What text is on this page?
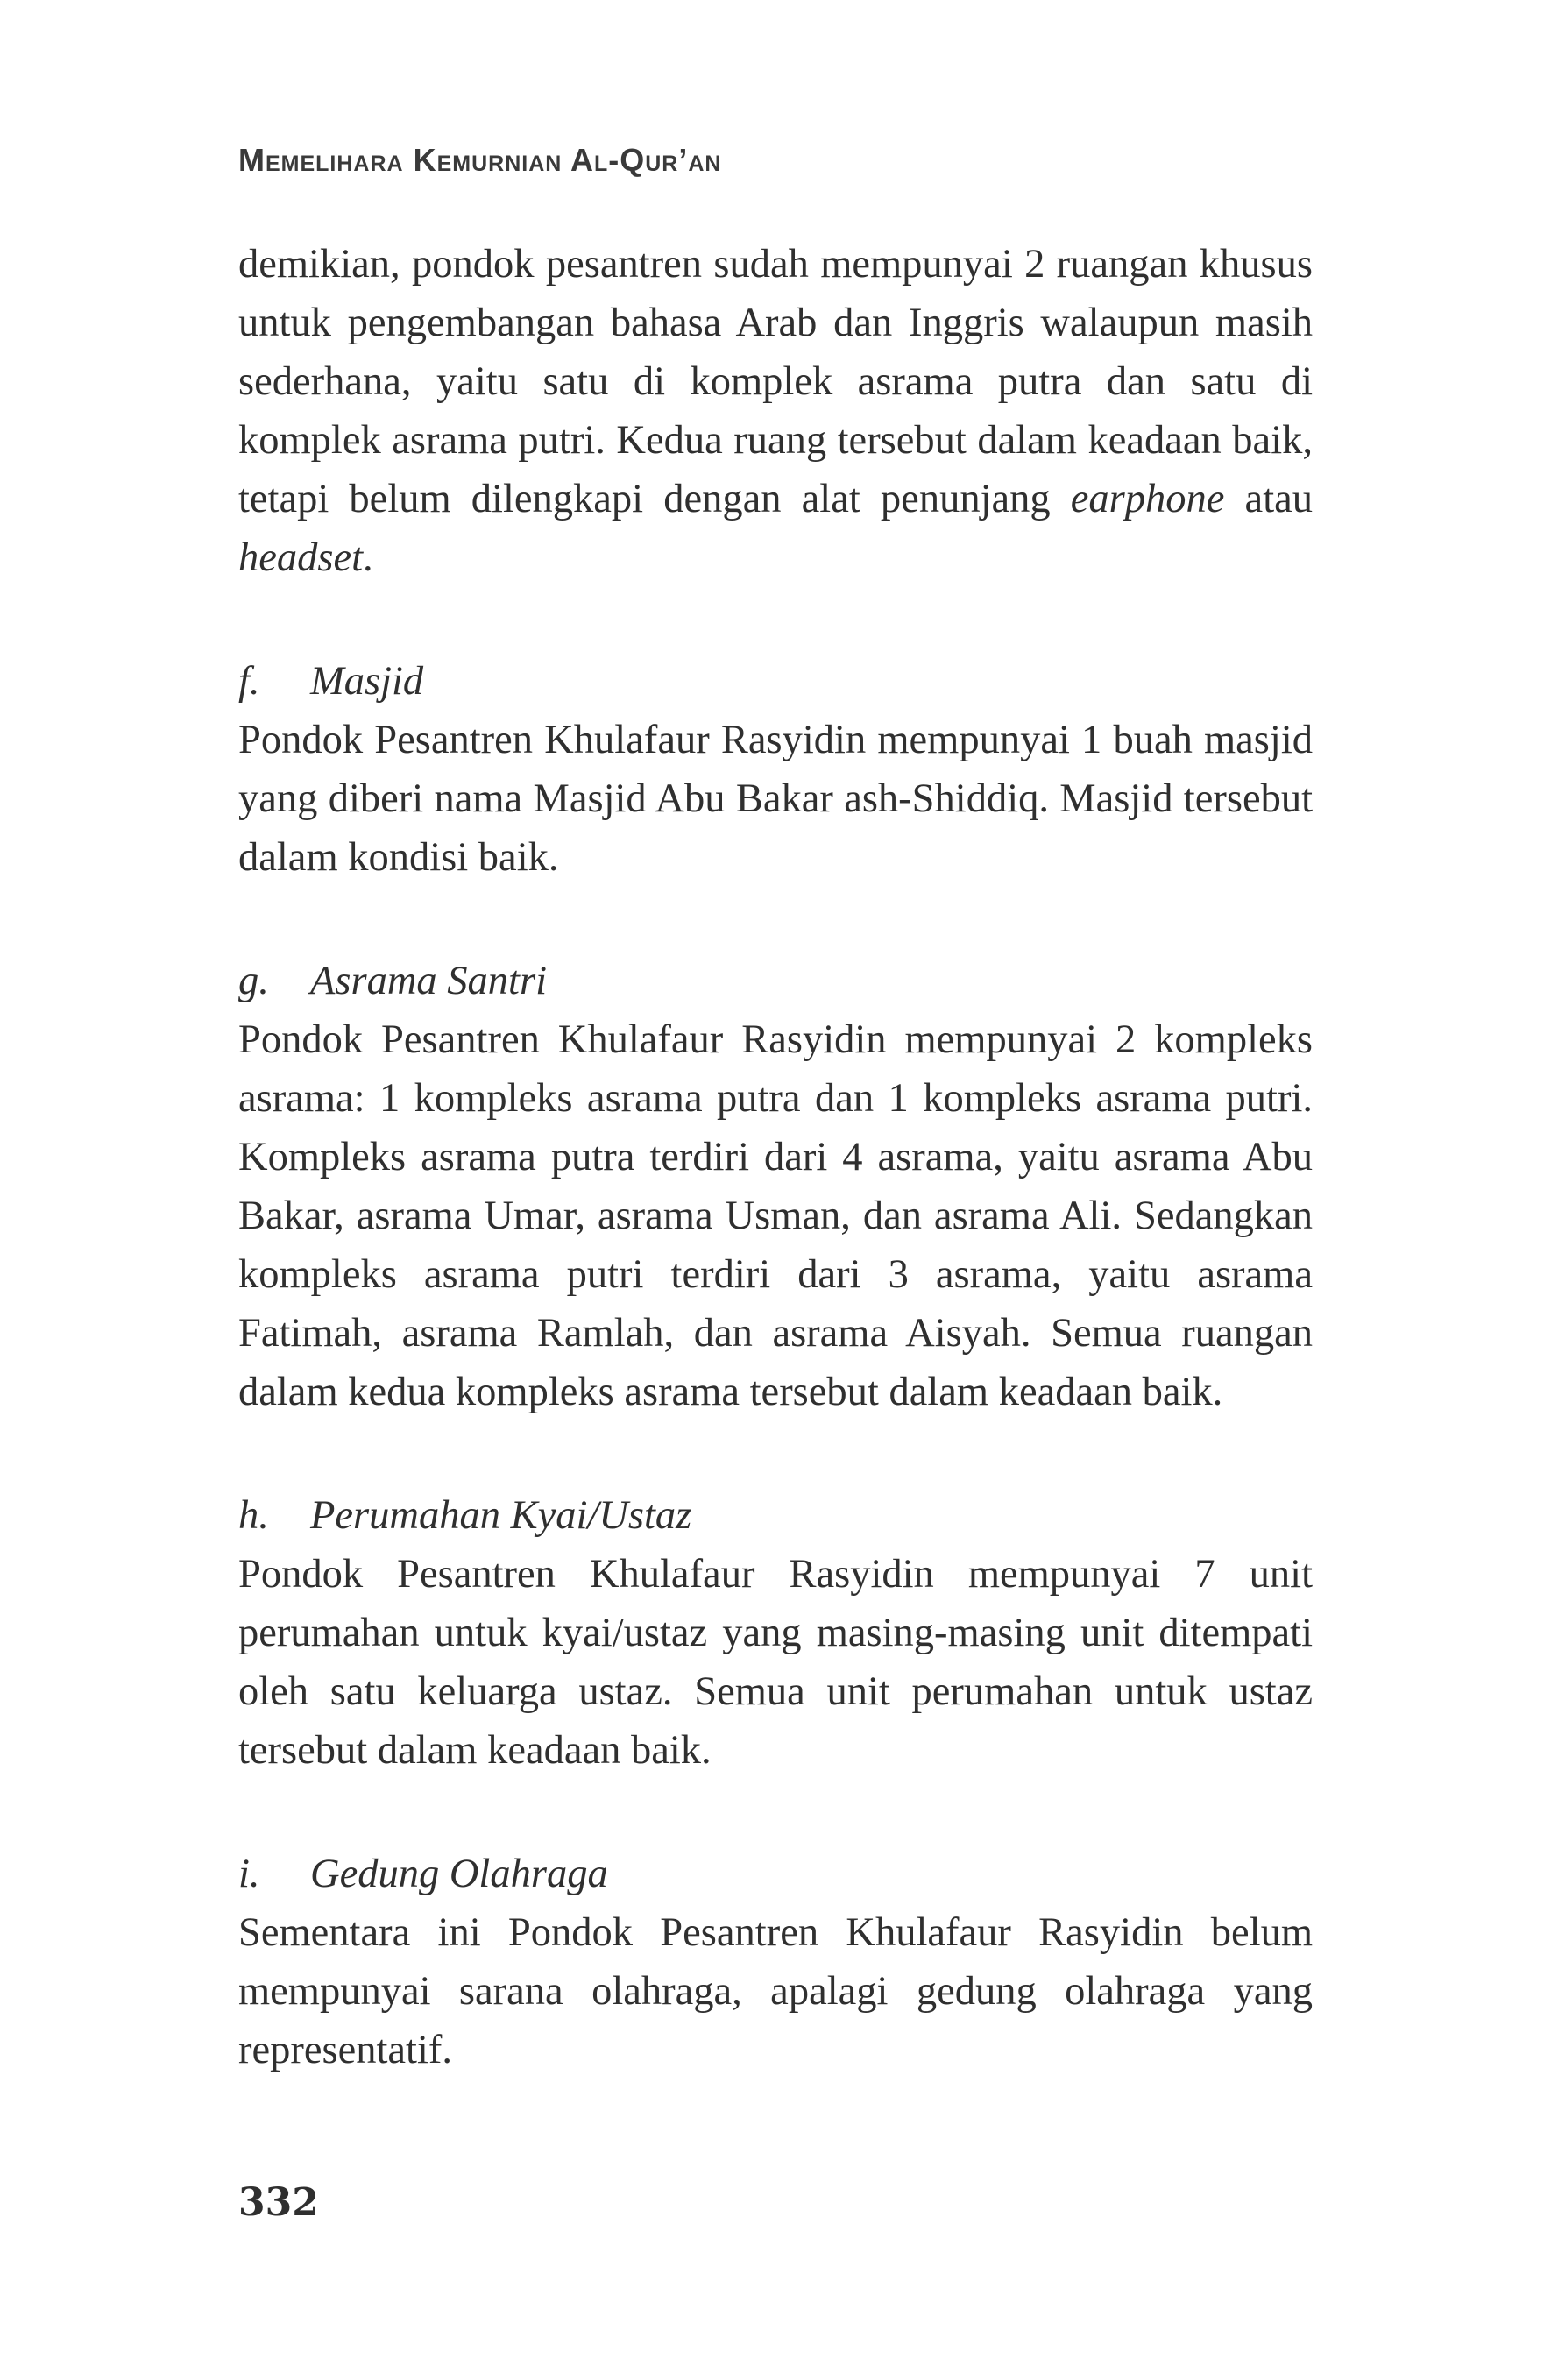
Memelihara Kemurnian Al-Qur’an

demikian, pondok pesantren sudah mempunyai 2 ruangan khusus untuk pengembangan bahasa Arab dan Inggris walaupun masih sederhana, yaitu satu di komplek asrama putra dan satu di komplek asrama putri. Kedua ruang tersebut dalam keadaan baik, tetapi belum dilengkapi dengan alat penunjang earphone atau headset.

f. Masjid

Pondok Pesantren Khulafaur Rasyidin mempunyai 1 buah masjid yang diberi nama Masjid Abu Bakar ash-Shiddiq. Masjid tersebut dalam kondisi baik.

g. Asrama Santri

Pondok Pesantren Khulafaur Rasyidin mempunyai 2 kompleks asrama: 1 kompleks asrama putra dan 1 kompleks asrama putri. Kompleks asrama putra terdiri dari 4 asrama, yaitu asrama Abu Bakar, asrama Umar, asrama Usman, dan asrama Ali. Sedangkan kompleks asrama putri terdiri dari 3 asrama, yaitu asrama Fatimah, asrama Ramlah, dan asrama Aisyah. Semua ruangan dalam kedua kompleks asrama tersebut dalam keadaan baik.

h. Perumahan Kyai/Ustaz

Pondok Pesantren Khulafaur Rasyidin mempunyai 7 unit perumahan untuk kyai/ustaz yang masing-masing unit ditempati oleh satu keluarga ustaz. Semua unit perumahan untuk ustaz tersebut dalam keadaan baik.

i. Gedung Olahraga

Sementara ini Pondok Pesantren Khulafaur Rasyidin belum mempunyai sarana olahraga, apalagi gedung olahraga yang representatif.

332
